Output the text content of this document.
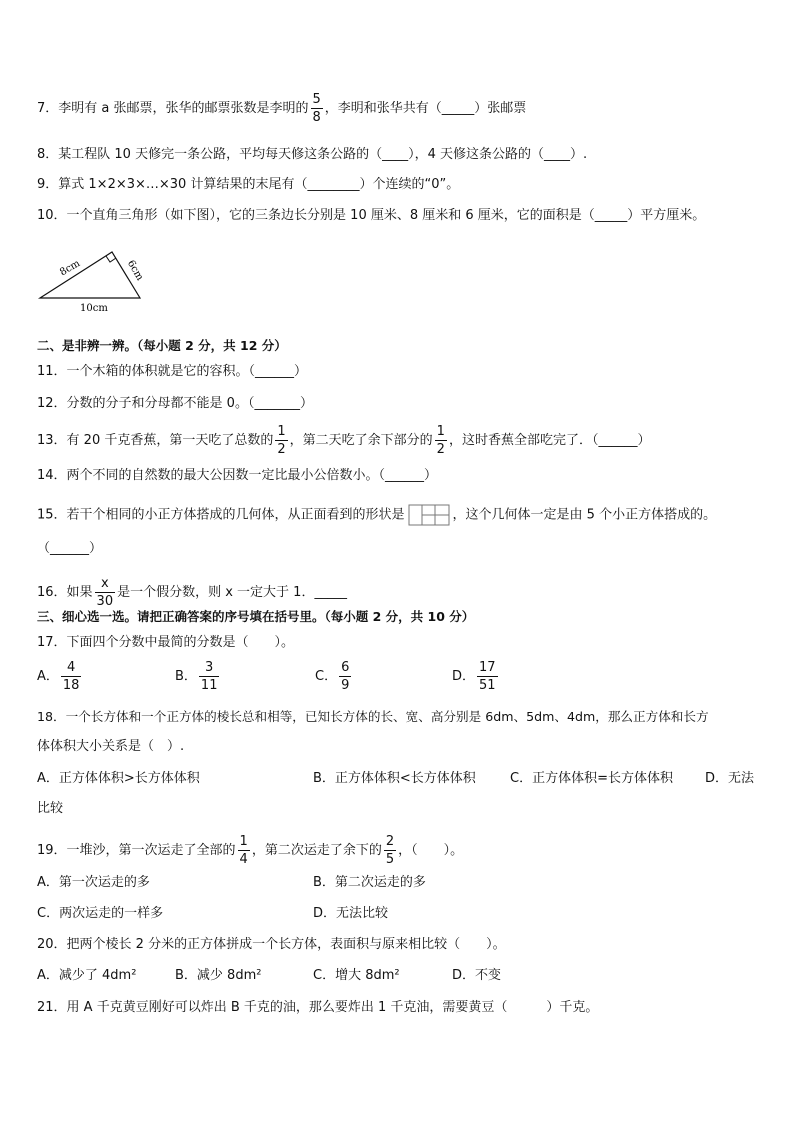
7．李明有 a 张邮票，张华的邮票张数是李明的 $\frac{5}{8}$ ，李明和张华共有（_____）张邮票
8．某工程队 10 天修完一条公路，平均每天修这条公路的（____），4 天修这条公路的（____）.
9．算式 1×2×3×…×30 计算结果的末尾有（________）个连续的“0”。
10．一个直角三角形（如下图），它的三条边长分别是 10 厘米、8 厘米和 6 厘米，它的面积是（_____）平方厘米。
8cm	6cm
10cm
二、是非辨一辨。（每小题 2 分，共 12 分）
11．一个木箱的体积就是它的容积。（______）
12．分数的分子和分母都不能是 0。（_______）
13．有 20 千克香蕉，第一天吃了总数的 $\frac{1}{2}$ ，第二天吃了余下部分的 $\frac{1}{2}$ ，这时香蕉全部吃完了．（______）
14．两个不同的自然数的最大公因数一定比最小公倍数小。（______）
15．若干个相同的小正方体搭成的几何体，从正面看到的形状是	，这个几何体一定是由 5 个小正方体搭成的。
（______）
16．如果 $\frac{x}{30}$ 是一个假分数，则 x 一定大于 1．_____
三、细心选一选。请把正确答案的序号填在括号里。（每小题 2 分，共 10 分）
17．下面四个分数中最简的分数是（　　）。
A． $\frac{4}{18}$	B． $\frac{3}{11}$	C． $\frac{6}{9}$	D． $\frac{17}{51}$
18．一个长方体和一个正方体的棱长总和相等，已知长方体的长、宽、高分别是 6dm、5dm、4dm，那么正方体和长方
体体积大小关系是（　）.
A．正方体体积>长方体体积	B．正方体体积<长方体体积	C．正方体体积=长方体体积 D．无法
比较
19．一堆沙，第一次运走了全部的 $\frac{1}{4}$ ，第二次运走了余下的 $\frac{2}{5}$ ，（　　）。
A．第一次运走的多	B．第二次运走的多
C．两次运走的一样多	D．无法比较
20．把两个棱长 2 分米的正方体拼成一个长方体，表面积与原来相比较（　　）。
A．减少了 4dm²	B．减少 8dm²	C．增大 8dm²	D．不变
21．用 A 千克黄豆刚好可以炸出 B 千克的油，那么要炸出 1 千克油，需要黄豆（　　　）千克。
